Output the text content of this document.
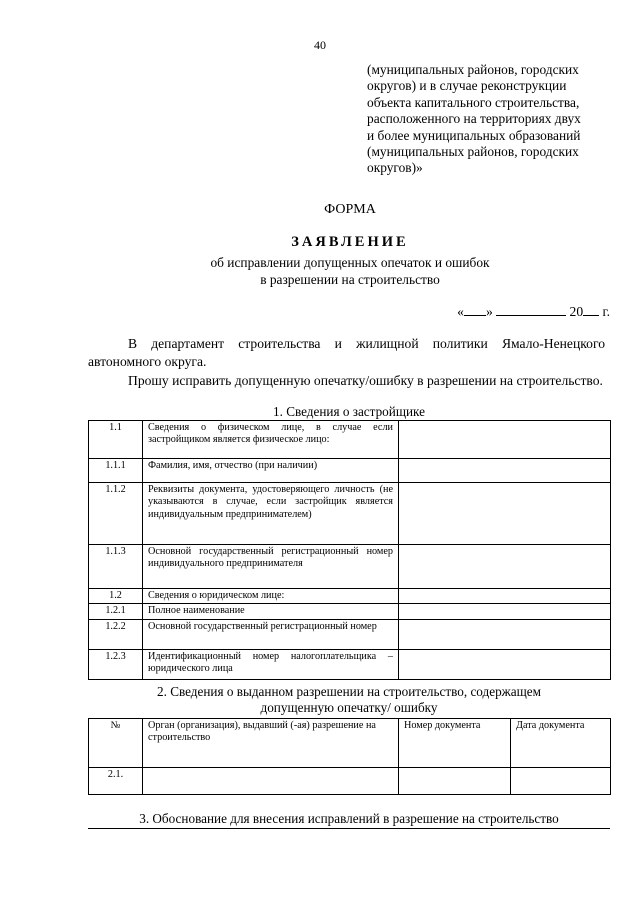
40
(муниципальных районов, городских
округов) и в случае реконструкции
объекта капитального строительства,
расположенного на территориях двух
и более муниципальных образований
(муниципальных районов, городских
округов)»
ФОРМА
ЗАЯВЛЕНИЕ
об исправлении допущенных опечаток и ошибок
в разрешении на строительство
« »	20 г.
В департамент строительства и жилищной политики Ямало-Ненецкого автономного округа.
Прошу исправить допущенную опечатку/ошибку в разрешении на строительство.
1. Сведения о застройщике
1.1	Сведения о физическом лице, в случае если застройщиком является физическое лицо:	
1.1.1	Фамилия, имя, отчество (при наличии)	
1.1.2	Реквизиты документа, удостоверяющего личность (не указываются в случае, если застройщик является индивидуальным предпринимателем)	
1.1.3	Основной государственный регистрационный номер индивидуального предпринимателя	
1.2	Сведения о юридическом лице:	
1.2.1	Полное наименование	
1.2.2	Основной государственный регистрационный номер	
1.2.3	Идентификационный номер налогоплательщика – юридического лица	
2. Сведения о выданном разрешении на строительство, содержащем
допущенную опечатку/ ошибку
№	Орган (организация), выдавший (-ая) разрешение на строительство	Номер документа	Дата документа
2.1.			
3. Обоснование для внесения исправлений в разрешение на строительство
